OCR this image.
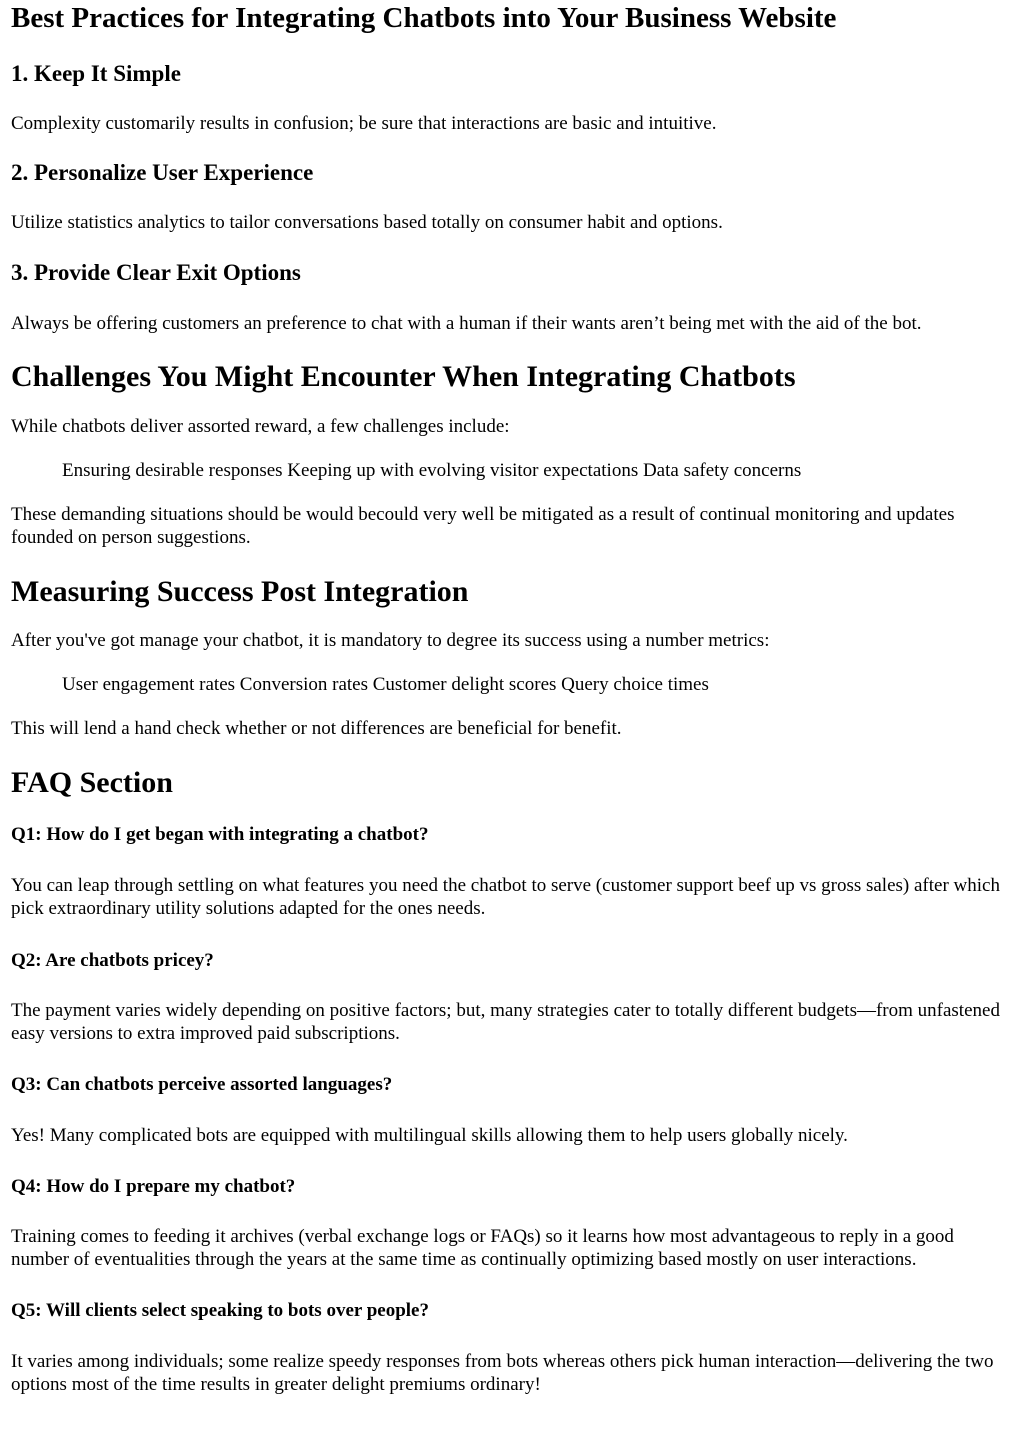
Best Practices for Integrating Chatbots into Your Business Website
1. Keep It Simple

Complexity customarily results in confusion; be sure that interactions are basic and intuitive.

2. Personalize User Experience

Utilize statistics analytics to tailor conversations based totally on consumer habit and options.

3. Provide Clear Exit Options

Always be offering customers an preference to chat with a human if their wants aren’t being met with the aid of the bot.

Challenges You Might Encounter When Integrating Chatbots

While chatbots deliver assorted reward, a few challenges include:

Ensuring desirable responses Keeping up with evolving visitor expectations Data safety concerns

These demanding situations should be would becould very well be mitigated as a result of continual monitoring and updates founded on person suggestions.

Measuring Success Post Integration

After you've got manage your chatbot, it is mandatory to degree its success using a number metrics:

User engagement rates Conversion rates Customer delight scores Query choice times

This will lend a hand check whether or not differences are beneficial for benefit.

FAQ Section
Q1: How do I get began with integrating a chatbot?

You can leap through settling on what features you need the chatbot to serve (customer support beef up vs gross sales) after which pick extraordinary utility solutions adapted for the ones needs.

Q2: Are chatbots pricey?

The payment varies widely depending on positive factors; but, many strategies cater to totally different budgets—from unfastened easy versions to extra improved paid subscriptions.

Q3: Can chatbots perceive assorted languages?

Yes! Many complicated bots are equipped with multilingual skills allowing them to help users globally nicely.

Q4: How do I prepare my chatbot?

Training comes to feeding it archives (verbal exchange logs or FAQs) so it learns how most advantageous to reply in a good number of eventualities through the years at the same time as continually optimizing based mostly on user interactions.

Q5: Will clients select speaking to bots over people?

It varies among individuals; some realize speedy responses from bots whereas others pick human interaction—delivering the two options most of the time results in greater delight premiums ordinary!
